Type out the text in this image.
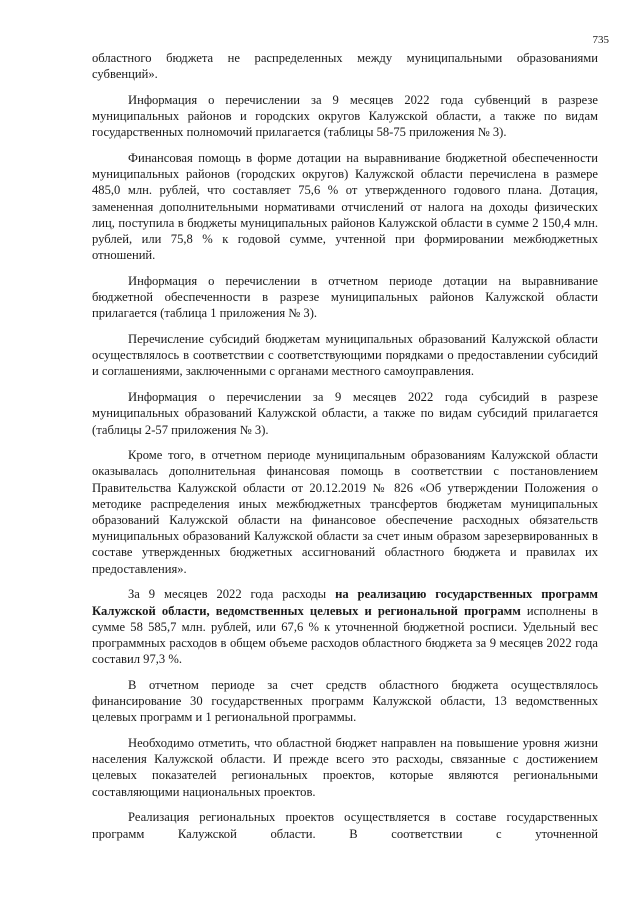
735

областного бюджета не распределенных между муниципальными образованиями субвенций».

Информация о перечислении за 9 месяцев 2022 года субвенций в разрезе муниципальных районов и городских округов Калужской области, а также по видам государственных полномочий прилагается (таблицы 58-75 приложения № 3).

Финансовая помощь в форме дотации на выравнивание бюджетной обеспеченности муниципальных районов (городских округов) Калужской области перечислена в размере 485,0 млн. рублей, что составляет 75,6 % от утвержденного годового плана. Дотация, замененная дополнительными нормативами отчислений от налога на доходы физических лиц, поступила в бюджеты муниципальных районов Калужской области в сумме 2 150,4 млн. рублей, или 75,8 % к годовой сумме, учтенной при формировании межбюджетных отношений.

Информация о перечислении в отчетном периоде дотации на выравнивание бюджетной обеспеченности в разрезе муниципальных районов Калужской области прилагается (таблица 1 приложения № 3).

Перечисление субсидий бюджетам муниципальных образований Калужской области осуществлялось в соответствии с соответствующими порядками о предоставлении субсидий и соглашениями, заключенными с органами местного самоуправления.

Информация о перечислении за 9 месяцев 2022 года субсидий в разрезе муниципальных образований Калужской области, а также по видам субсидий прилагается (таблицы 2-57 приложения № 3).

Кроме того, в отчетном периоде муниципальным образованиям Калужской области оказывалась дополнительная финансовая помощь в соответствии с постановлением Правительства Калужской области от 20.12.2019 № 826 «Об утверждении Положения о методике распределения иных межбюджетных трансфертов бюджетам муниципальных образований Калужской области на финансовое обеспечение расходных обязательств муниципальных образований Калужской области за счет иным образом зарезервированных в составе утвержденных бюджетных ассигнований областного бюджета и правилах их предоставления».

За 9 месяцев 2022 года расходы на реализацию государственных программ Калужской области, ведомственных целевых и региональной программ исполнены в сумме 58 585,7 млн. рублей, или 67,6 % к уточненной бюджетной росписи. Удельный вес программных расходов в общем объеме расходов областного бюджета за 9 месяцев 2022 года составил 97,3 %.

В отчетном периоде за счет средств областного бюджета осуществлялось финансирование 30 государственных программ Калужской области, 13 ведомственных целевых программ и 1 региональной программы.

Необходимо отметить, что областной бюджет направлен на повышение уровня жизни населения Калужской области. И прежде всего это расходы, связанные с достижением целевых показателей региональных проектов, которые являются региональными составляющими национальных проектов.

Реализация региональных проектов осуществляется в составе государственных программ Калужской области. В соответствии с уточненной
